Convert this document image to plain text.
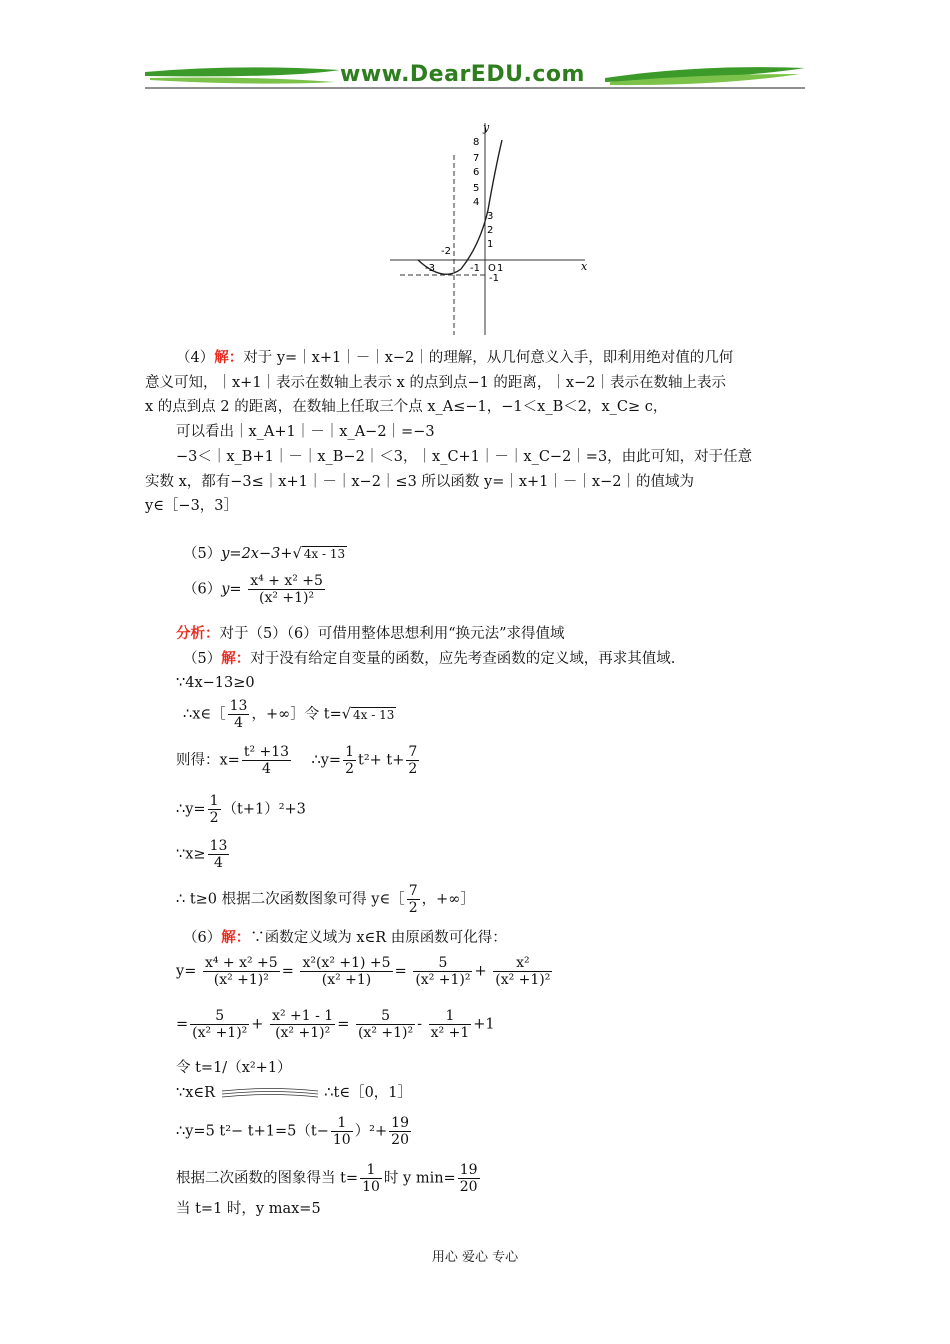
www.DearEDU.com
y
x
8
7
6
5
4
3
2
1
-1
-3
-2
-1 O 1
（4）解：对于 y=｜x+1｜－｜x−2｜的理解，从几何意义入手，即利用绝对值的几何
意义可知，｜x+1｜表示在数轴上表示 x 的点到点−1 的距离，｜x−2｜表示在数轴上表示
x 的点到点 2 的距离，在数轴上任取三个点 x_A≤−1，−1＜x_B＜2，x_C≥ c，
可以看出｜x_A+1｜－｜x_A−2｜=−3
−3＜｜x_B+1｜－｜x_B−2｜＜3，｜x_C+1｜－｜x_C−2｜=3，由此可知，对于任意
实数 x，都有−3≤｜x+1｜－｜x−2｜≤3 所以函数 y=｜x+1｜－｜x−2｜的值域为
y∈［−3，3］
（5）y=2x−3+√ 4x - 13
$(6)y= \frac{\text{x⁴ + x² +5}}{\text{(x² +1)²}}$
分析：对于（5）（6）可借用整体思想利用“换元法”求得值域
（5）解：对于没有给定自变量的函数，应先考查函数的定义域，再求其值域.
∵4x−13≥0
∴x∈［ $\frac{13}{4}$ ，+∞］令 t=√ 4x - 13
则得：$x= \frac{\text{t² +13}}{4}$ ∴y= $\frac{1}{2} t^2+ t+ \frac{7}{2}$
∴y= $\frac{1}{2} (t+1)^2+3$
∵x≥ $\frac{13}{4}$
∴ t≥0 根据二次函数图象可得 y∈［ $\frac{7}{2}$ ，+∞］
（6）解：∵函数定义域为 x∈R 由原函数可化得：
$y= \frac{\text{x⁴ + x² +5}}{\text{(x² +1)²}} = \frac{\text{x²(x² +1) +5}}{\text{(x² +1)}} = \frac{5}{\text{(x² +1)²}} + \frac{\text{x²}}{\text{(x² +1)²}}$
= $\frac{5}{\text{(x² +1)²}} + \frac{\text{x² +1 - 1}}{\text{(x² +1)²}} = \frac{5}{\text{(x² +1)²}} - \frac{1}{\text{x² +1}} +1$
令 t=1/（x²+1）
∵x∈R	∴t∈［0，1］
∴y=5 $t^2- t+1=5(t- \frac{1}{10} )^2+ \frac{19}{20}$
根据二次函数的图象得当 $t= \frac{1}{10}$ 时 y $\min= \frac{19}{20}$
当 t=1 时，y max=5
用心 爱心 专心
